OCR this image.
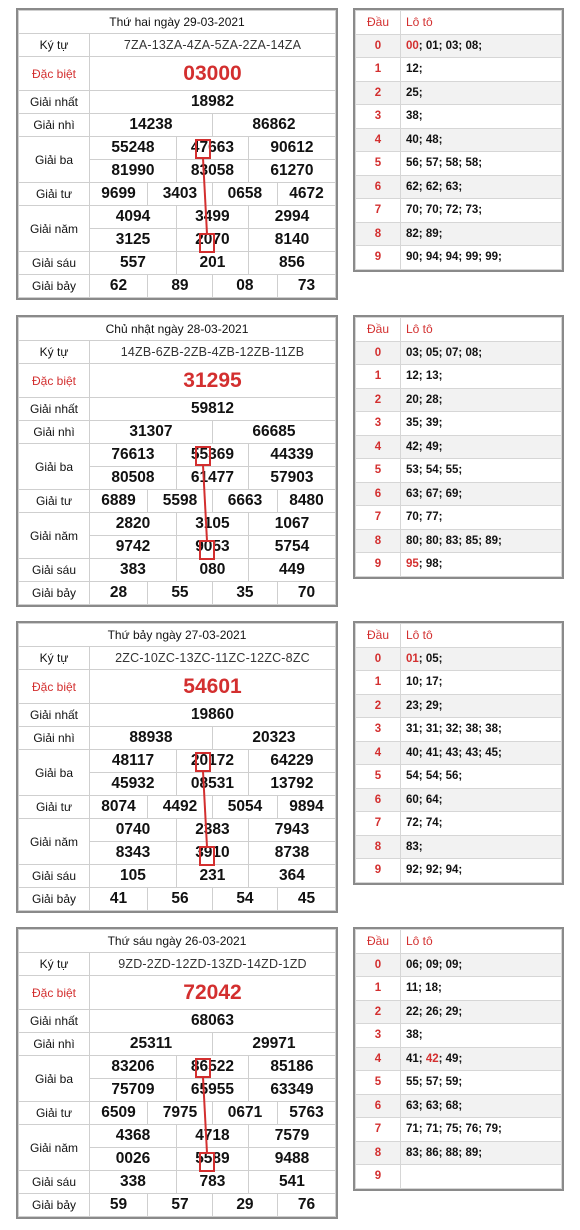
Thứ hai ngày 29-03-2021						
Ký tự	7ZA-13ZA-4ZA-5ZA-2ZA-14ZA					
Đặc biệt	03000					
Giải nhất	18982					
Giải nhì	14238			86862		
Giải ba	55248		47663		90612	
	81990		83058		61270	
Giải tư	9699	3403		0658		4672
Giải năm	4094		3499		2994	
	3125		2070		8140	
Giải sáu	557		201		856	
Giải bảy	62	89		08		73
Đầu	Lô tô
0	00; 01; 03; 08;
1	12;
2	25;
3	38;
4	40; 48;
5	56; 57; 58; 58;
6	62; 62; 63;
7	70; 70; 72; 73;
8	82; 89;
9	90; 94; 94; 99; 99;
Chủ nhật ngày 28-03-2021						
Ký tự	14ZB-6ZB-2ZB-4ZB-12ZB-11ZB					
Đặc biệt	31295					
Giải nhất	59812					
Giải nhì	31307			66685		
Giải ba	76613		55369		44339	
	80508		61477		57903	
Giải tư	6889	5598		6663		8480
Giải năm	2820		3105		1067	
	9742		9053		5754	
Giải sáu	383		080		449	
Giải bảy	28	55		35		70
Đầu	Lô tô
0	03; 05; 07; 08;
1	12; 13;
2	20; 28;
3	35; 39;
4	42; 49;
5	53; 54; 55;
6	63; 67; 69;
7	70; 77;
8	80; 80; 83; 85; 89;
9	95; 98;
Thứ bảy ngày 27-03-2021						
Ký tự	2ZC-10ZC-13ZC-11ZC-12ZC-8ZC					
Đặc biệt	54601					
Giải nhất	19860					
Giải nhì	88938			20323		
Giải ba	48117		20172		64229	
	45932		08531		13792	
Giải tư	8074	4492		5054		9894
Giải năm	0740		2383		7943	
	8343		3910		8738	
Giải sáu	105		231		364	
Giải bảy	41	56		54		45
Đầu	Lô tô
0	01; 05;
1	10; 17;
2	23; 29;
3	31; 31; 32; 38; 38;
4	40; 41; 43; 43; 45;
5	54; 54; 56;
6	60; 64;
7	72; 74;
8	83;
9	92; 92; 94;
Thứ sáu ngày 26-03-2021						
Ký tự	9ZD-2ZD-12ZD-13ZD-14ZD-1ZD					
Đặc biệt	72042					
Giải nhất	68063					
Giải nhì	25311			29971		
Giải ba	83206		86522		85186	
	75709		65955		63349	
Giải tư	6509	7975		0671		5763
Giải năm	4368		4718		7579	
	0026		5589		9488	
Giải sáu	338		783		541	
Giải bảy	59	57		29		76
Đầu	Lô tô
0	06; 09; 09;
1	11; 18;
2	22; 26; 29;
3	38;
4	41; 42; 49;
5	55; 57; 59;
6	63; 63; 68;
7	71; 71; 75; 76; 79;
8	83; 86; 88; 89;
9	
